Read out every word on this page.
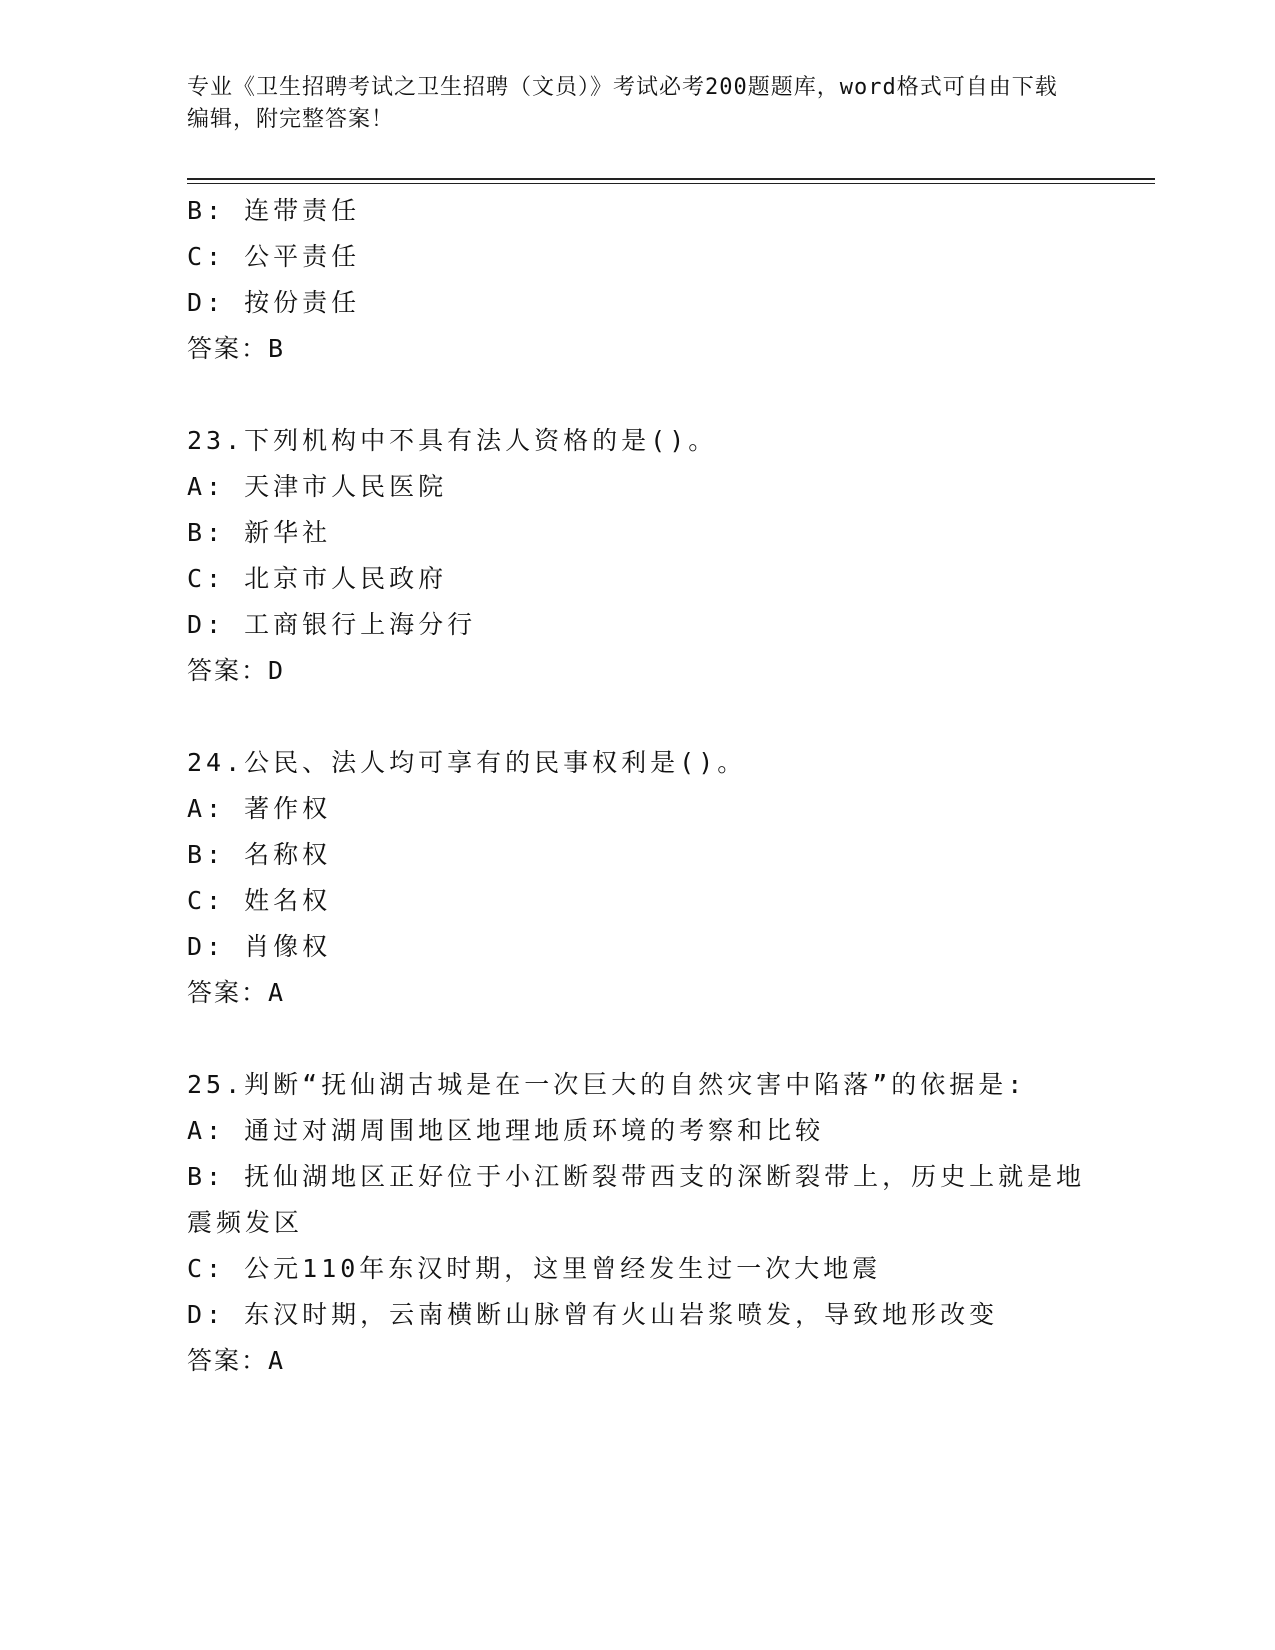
专业《卫生招聘考试之卫生招聘（文员）》考试必考200题题库，word格式可自由下载编辑，附完整答案！
B: 连带责任
C: 公平责任
D: 按份责任
答案：B
23.下列机构中不具有法人资格的是()。
A: 天津市人民医院
B: 新华社
C: 北京市人民政府
D: 工商银行上海分行
答案：D
24.公民、法人均可享有的民事权利是()。
A: 著作权
B: 名称权
C: 姓名权
D: 肖像权
答案：A
25.判断“抚仙湖古城是在一次巨大的自然灾害中陷落”的依据是:
A: 通过对湖周围地区地理地质环境的考察和比较
B: 抚仙湖地区正好位于小江断裂带西支的深断裂带上，历史上就是地震频发区
C: 公元110年东汉时期，这里曾经发生过一次大地震
D: 东汉时期，云南横断山脉曾有火山岩浆喷发，导致地形改变
答案：A
